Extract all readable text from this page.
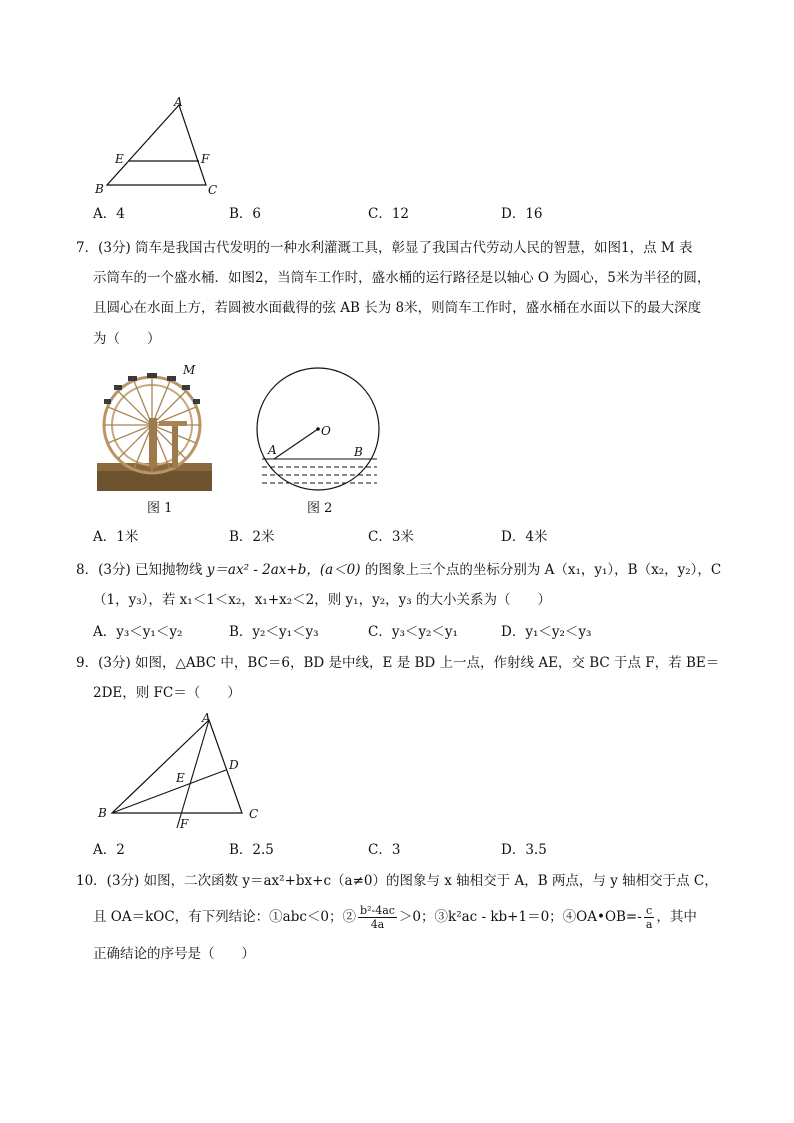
A
E	F
B	C
A．4	B．6	C．12	D．16
7．(3分) 筒车是我国古代发明的一种水利灌溉工具，彰显了我国古代劳动人民的智慧，如图1，点 M 表
示筒车的一个盛水桶．如图2，当筒车工作时，盛水桶的运行路径是以轴心 O 为圆心，5米为半径的圆，
且圆心在水面上方，若圆被水面截得的弦 AB 长为 8米，则筒车工作时，盛水桶在水面以下的最大深度
为（　　）
M
图 1
O
A	B
图 2
A．1米	B．2米	C．3米	D．4米
8．(3分) 已知抛物线 y＝ax² - 2ax+b，(a＜0) 的图象上三个点的坐标分别为 A（x₁，y₁），B（x₂，y₂），C
（1，y₃），若 x₁＜1＜x₂，x₁+x₂＜2，则 y₁，y₂，y₃ 的大小关系为（　　）
A．y₃＜y₁＜y₂	B．y₂＜y₁＜y₃	C．y₃＜y₂＜y₁	D．y₁＜y₂＜y₃
9．(3分) 如图，△ABC 中，BC＝6，BD 是中线，E 是 BD 上一点，作射线 AE，交 BC 于点 F，若 BE＝
2DE，则 FC＝（　　）
A
D
E
B
F
C
A．2	B．2.5	C．3	D．3.5
10．(3分) 如图，二次函数 y＝ax²+bx+c（a≠0）的图象与 x 轴相交于 A，B 两点，与 y 轴相交于点 C，
且 OA＝kOC，有下列结论：①abc＜0；② $\frac{\text{b²-4ac}}{4a} >0$；③k²ac - kb+1＝0；④OA•OB=- $\frac{c}{a}$ ，其中
正确结论的序号是（　　）
